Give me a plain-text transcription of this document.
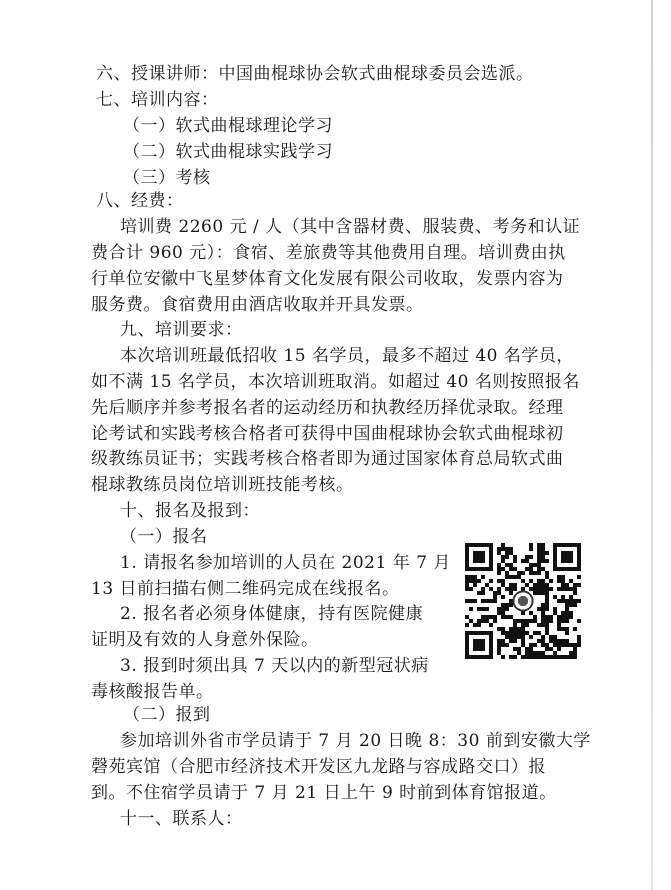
六、授课讲师：中国曲棍球协会软式曲棍球委员会选派。

七、培训内容：

（一）软式曲棍球理论学习

（二）软式曲棍球实践学习

（三）考核

八、经费：

培训费 2260 元 / 人（其中含器材费、服装费、考务和认证

费合计 960 元）：食宿、差旅费等其他费用自理。培训费由执

行单位安徽中飞星梦体育文化发展有限公司收取，发票内容为

服务费。食宿费用由酒店收取并开具发票。

九、培训要求：

本次培训班最低招收 15 名学员，最多不超过 40 名学员，

如不满 15 名学员，本次培训班取消。如超过 40 名则按照报名

先后顺序并参考报名者的运动经历和执教经历择优录取。经理

论考试和实践考核合格者可获得中国曲棍球协会软式曲棍球初

级教练员证书；实践考核合格者即为通过国家体育总局软式曲

棍球教练员岗位培训班技能考核。

十、报名及报到：

（一）报名

1. 请报名参加培训的人员在 2021 年 7 月

13 日前扫描右侧二维码完成在线报名。

2. 报名者必须身体健康，持有医院健康

证明及有效的人身意外保险。

3. 报到时须出具 7 天以内的新型冠状病

毒核酸报告单。

（二）报到

参加培训外省市学员请于 7 月 20 日晚 8：30 前到安徽大学

磬苑宾馆（合肥市经济技术开发区九龙路与容成路交口）报

到。不住宿学员请于 7 月 21 日上午 9 时前到体育馆报道。

十一、联系人：
